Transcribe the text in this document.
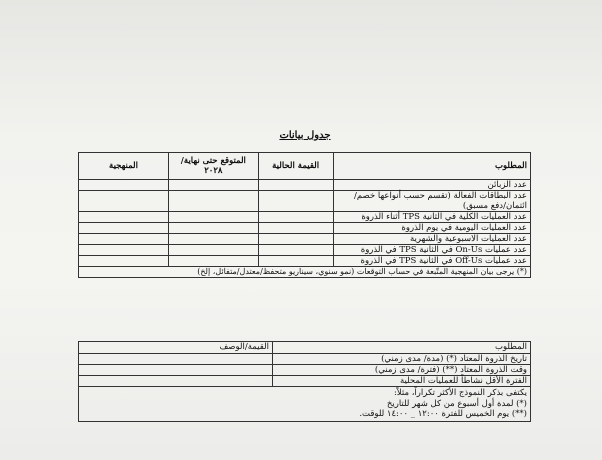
جدول بيانات
المطلوب	القيمة الحالية	المتوقع حتى نهاية/٢٠٢٨	المنهجية
عدد الزبائن			
عدد البطاقات الفعالة (تقسم حسب أنواعها خصم/ ائتمان/دفع مسبق)			
عدد العمليات الكلية في الثانية TPS أثناء الذروة			
عدد العمليات اليومية في يوم الذروة			
عدد العمليات الاسبوعية والشهرية			
عدد عمليات On-Us في الثانية TPS في الذروة			
عدد عمليات Off-Us في الثانية TPS في الذروة			
(*) يرجى بيان المنهجية المتّبعة في حساب التوقعات (نمو سنوي، سيناريو متحفظ/معتدل/متفائل، إلخ)			
المطلوب	القيمة/الوصف
تاريخ الذروة المعتاد (*) (مدة/ مدى زمني)	
وقت الذروة المعتاد (**) (فترة/ مدى زمني)	
الفترة الأقل نشاطاً للعمليات المحلية	

يكتفى بذكر النموذج الأكثر تكراراً، مثلاً:
(*) لمدة أول أسبوع من كل شهر للتاريخ
(**) يوم الخميس للفترة ١٢:٠٠ _ ١٤:٠٠ للوقت.	
